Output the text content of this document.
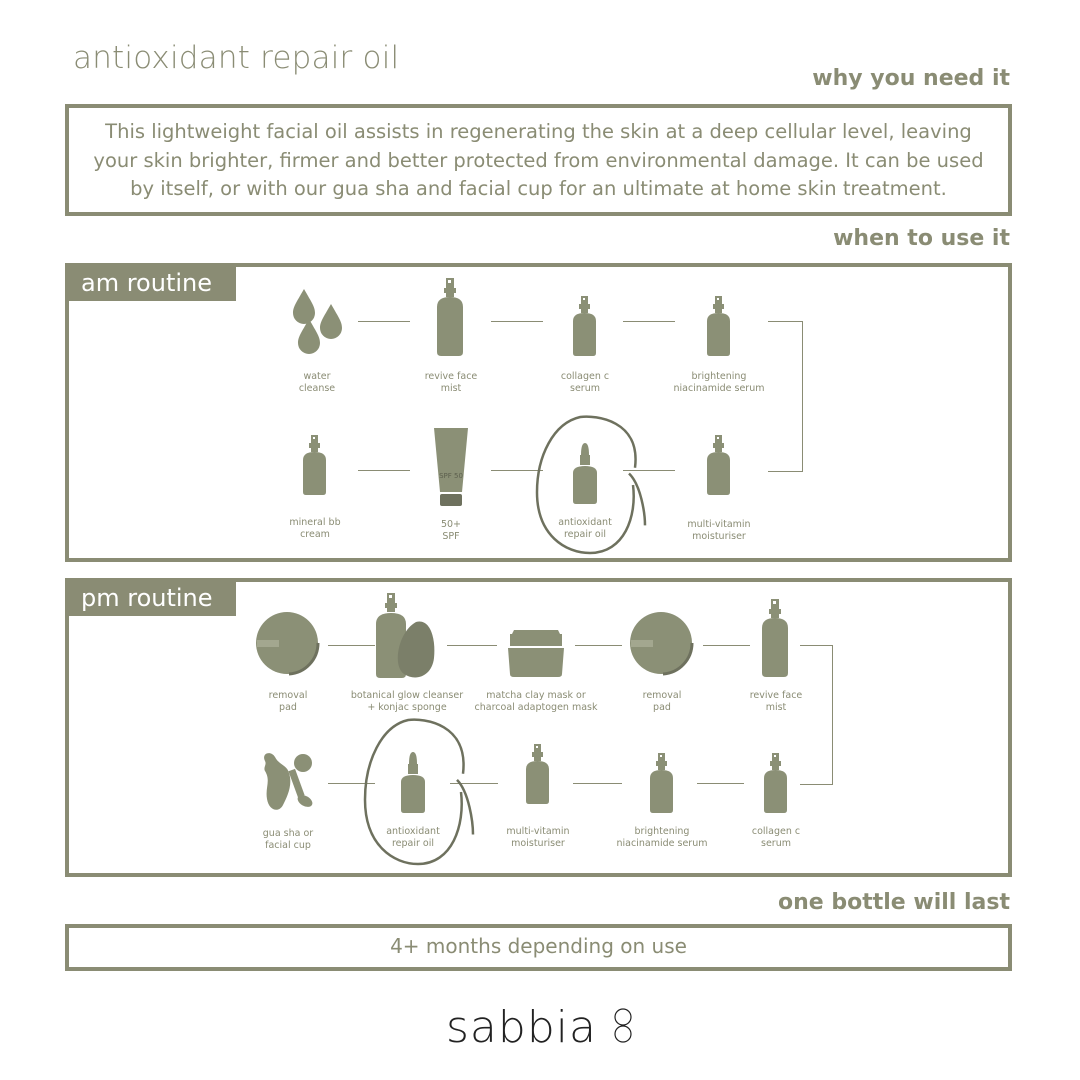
antioxidant repair oil
why you need it
This lightweight facial oil assists in regenerating the skin at a deep cellular level, leaving your skin brighter, firmer and better protected from environmental damage. It can be used by itself, or with our gua sha and facial cup for an ultimate at home skin treatment.
when to use it
am routine
pm routine
one bottle will last
4+ months depending on use
sabbia
water
cleanse
revive face
mist
collagen c
serum
brightening
niacinamide serum
multi-vitamin
moisturiser
antioxidant
repair oil
SPF 50
50+
SPF
mineral bb
cream
removal
pad
botanical glow cleanser
+ konjac sponge
matcha clay mask or
charcoal adaptogen mask
removal
pad
revive face
mist
collagen c
serum
brightening
niacinamide serum
multi-vitamin
moisturiser
antioxidant
repair oil
gua sha or
facial cup
